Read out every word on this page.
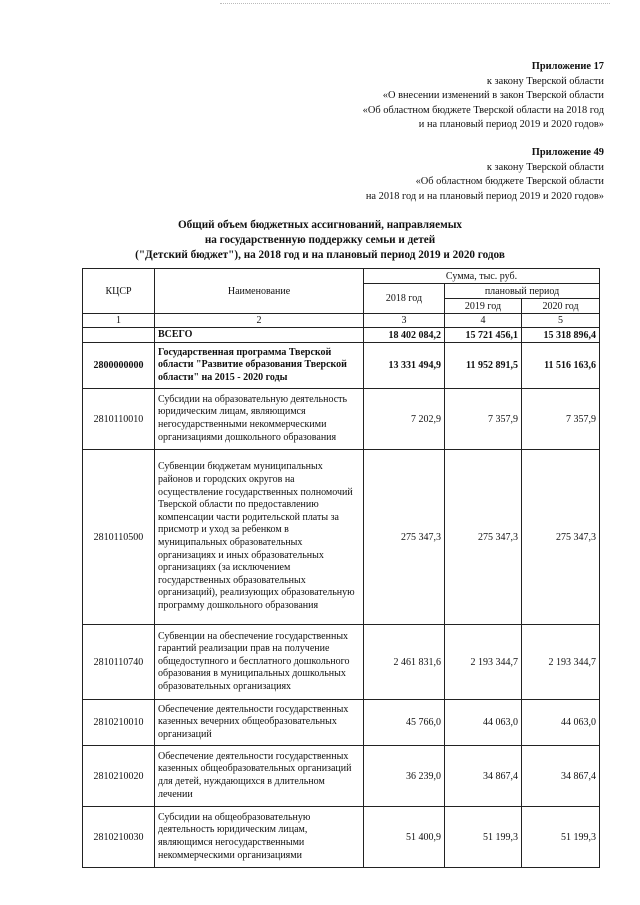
Приложение 17
к закону Тверской области
«О внесении изменений в закон Тверской области
«Об областном бюджете Тверской области на 2018 год
и на плановый период 2019 и 2020 годов»
Приложение 49
к закону Тверской области
«Об областном бюджете Тверской области
на 2018 год и на плановый период 2019 и 2020 годов»
Общий объем бюджетных ассигнований, направляемых
на государственную поддержку семьи и детей
("Детский бюджет"), на 2018 год и на плановый период 2019 и 2020 годов
КЦСР	Наименование	Сумма, тыс. руб.		
		2018 год	плановый период	
			2019 год	2020 год
1	2	3	4	5
	ВСЕГО	18 402 084,2	15 721 456,1	15 318 896,4
2800000000	Государственная программа Тверской области "Развитие образования Тверской области" на 2015 - 2020 годы	13 331 494,9	11 952 891,5	11 516 163,6
2810110010	Субсидии на образовательную деятельность юридическим лицам, являющимся негосударственными некоммерческими организациями дошкольного образования	7 202,9	7 357,9	7 357,9
2810110500	Субвенции бюджетам муниципальных районов и городских округов на осуществление государственных полномочий Тверской области по предоставлению компенсации части родительской платы за присмотр и уход за ребенком в муниципальных образовательных организациях и иных образовательных организациях (за исключением государственных образовательных организаций), реализующих образовательную программу дошкольного образования	275 347,3	275 347,3	275 347,3
2810110740	Субвенции на обеспечение государственных гарантий реализации прав на получение общедоступного и бесплатного дошкольного образования в муниципальных дошкольных образовательных организациях	2 461 831,6	2 193 344,7	2 193 344,7
2810210010	Обеспечение деятельности государственных казенных вечерних общеобразовательных организаций	45 766,0	44 063,0	44 063,0
2810210020	Обеспечение деятельности государственных казенных общеобразовательных организаций для детей, нуждающихся в длительном лечении	36 239,0	34 867,4	34 867,4
2810210030	Субсидии на общеобразовательную деятельность юридическим лицам, являющимся негосударственными некоммерческими организациями	51 400,9	51 199,3	51 199,3
